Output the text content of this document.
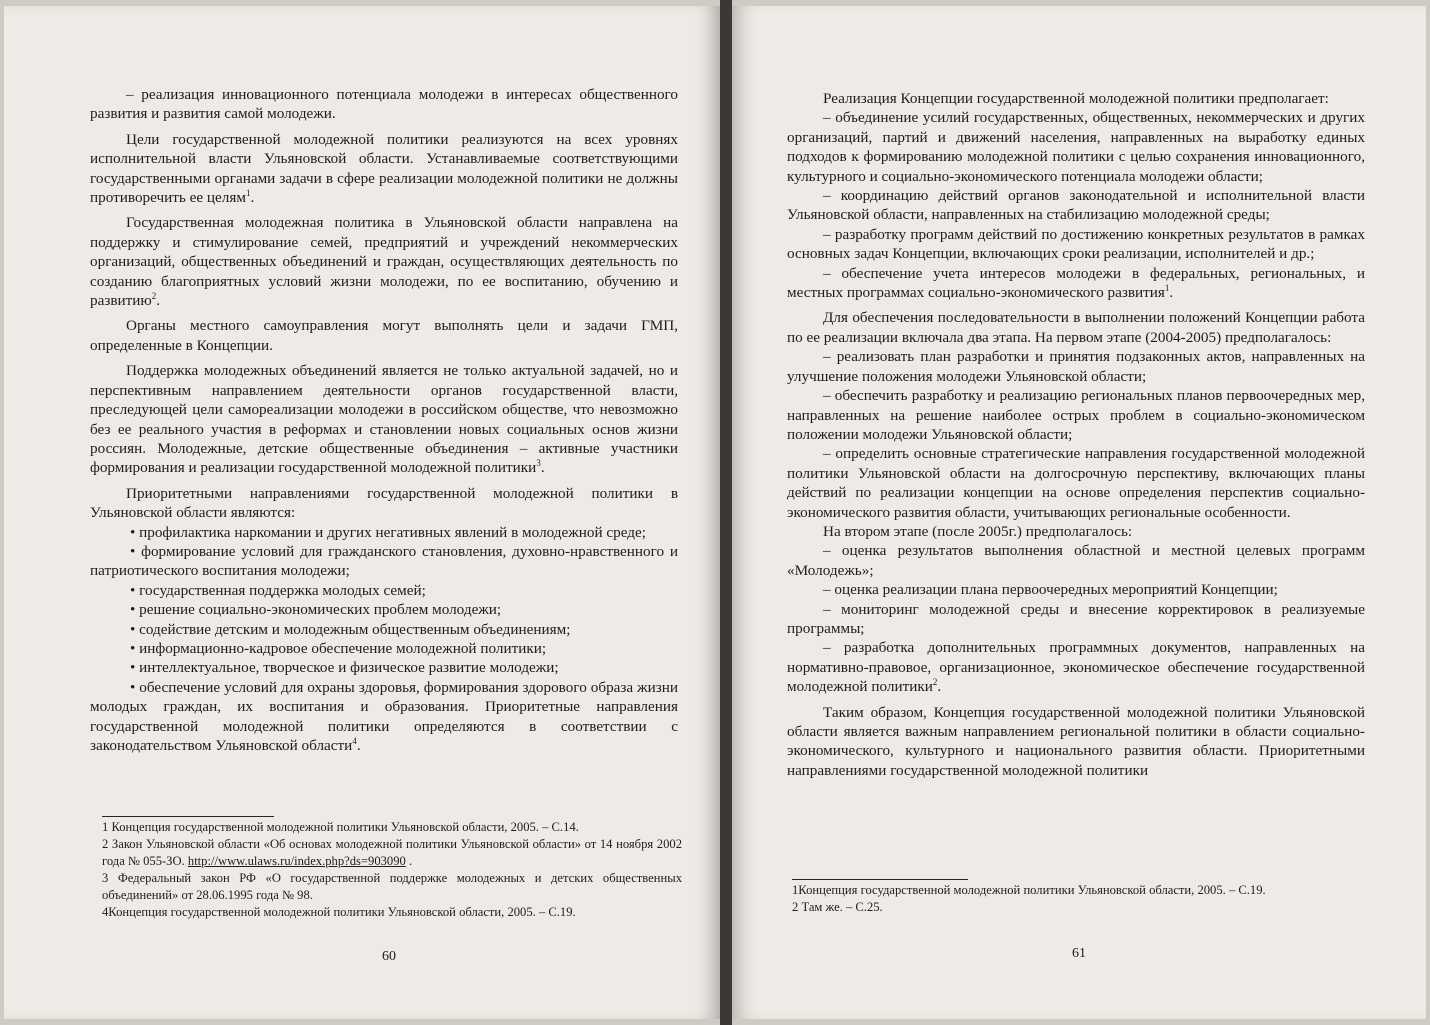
– реализация инновационного потенциала молодежи в интересах общественного развития и развития самой молодежи.

Цели государственной молодежной политики реализуются на всех уровнях исполнительной власти Ульяновской области. Устанавливаемые соответствующими государственными органами задачи в сфере реализации молодежной политики не должны противоречить ее целям$^1$.

Государственная молодежная политика в Ульяновской области направлена на поддержку и стимулирование семей, предприятий и учреждений некоммерческих организаций, общественных объединений и граждан, осуществляющих деятельность по созданию благоприятных условий жизни молодежи, по ее воспитанию, обучению и развитию$^2$.

Органы местного самоуправления могут выполнять цели и задачи ГМП, определенные в Концепции.

Поддержка молодежных объединений является не только актуальной задачей, но и перспективным направлением деятельности органов государственной власти, преследующей цели самореализации молодежи в российском обществе, что невозможно без ее реального участия в реформах и становлении новых социальных основ жизни россиян. Молодежные, детские общественные объединения – активные участники формирования и реализации государственной молодежной политики$^3$.

Приоритетными направлениями государственной молодежной политики в Ульяновской области являются:

• профилактика наркомании и других негативных явлений в молодежной среде;

• формирование условий для гражданского становления, духовно-нравственного и патриотического воспитания молодежи;

• государственная поддержка молодых семей;

• решение социально-экономических проблем молодежи;

• содействие детским и молодежным общественным объединениям;

• информационно-кадровое обеспечение молодежной политики;

• интеллектуальное, творческое и физическое развитие молодежи;

• обеспечение условий для охраны здоровья, формирования здорового образа жизни молодых граждан, их воспитания и образования. Приоритетные направления государственной молодежной политики определяются в соответствии с законодательством Ульяновской области$^4$.

1 Концепция государственной молодежной политики Ульяновской области, 2005. – С.14.

2 Закон Ульяновской области «Об основах молодежной политики Ульяновской области» от 14 ноября 2002 года № 055-ЗО. http://www.ulaws.ru/index.php?ds=903090 .

3 Федеральный закон РФ «О государственной поддержке молодежных и детских общественных объединений» от 28.06.1995 года № 98.

4Концепция государственной молодежной политики Ульяновской области, 2005. – С.19.

60

Реализация Концепции государственной молодежной политики предполагает:

– объединение усилий государственных, общественных, некоммерческих и других организаций, партий и движений населения, направленных на выработку единых подходов к формированию молодежной политики с целью сохранения инновационного, культурного и социально-экономического потенциала молодежи области;

– координацию действий органов законодательной и исполнительной власти Ульяновской области, направленных на стабилизацию молодежной среды;

– разработку программ действий по достижению конкретных результатов в рамках основных задач Концепции, включающих сроки реализации, исполнителей и др.;

– обеспечение учета интересов молодежи в федеральных, региональных, и местных программах социально-экономического развития$^1$.

Для обеспечения последовательности в выполнении положений Концепции работа по ее реализации включала два этапа. На первом этапе (2004-2005) предполагалось:

– реализовать план разработки и принятия подзаконных актов, направленных на улучшение положения молодежи Ульяновской области;

– обеспечить разработку и реализацию региональных планов первоочередных мер, направленных на решение наиболее острых проблем в социально-экономическом положении молодежи Ульяновской области;

– определить основные стратегические направления государственной молодежной политики Ульяновской области на долгосрочную перспективу, включающих планы действий по реализации концепции на основе определения перспектив социально-экономического развития области, учитывающих региональные особенности.

На втором этапе (после 2005г.) предполагалось:

– оценка результатов выполнения областной и местной целевых программ «Молодежь»;

– оценка реализации плана первоочередных мероприятий Концепции;

– мониторинг молодежной среды и внесение корректировок в реализуемые программы;

– разработка дополнительных программных документов, направленных на нормативно-правовое, организационное, экономическое обеспечение государственной молодежной политики$^2$.

Таким образом, Концепция государственной молодежной политики Ульяновской области является важным направлением региональной политики в области социально-экономического, культурного и национального развития области. Приоритетными направлениями государственной молодежной политики

1Концепция государственной молодежной политики Ульяновской области, 2005. – С.19.

2 Там же. – С.25.

61
